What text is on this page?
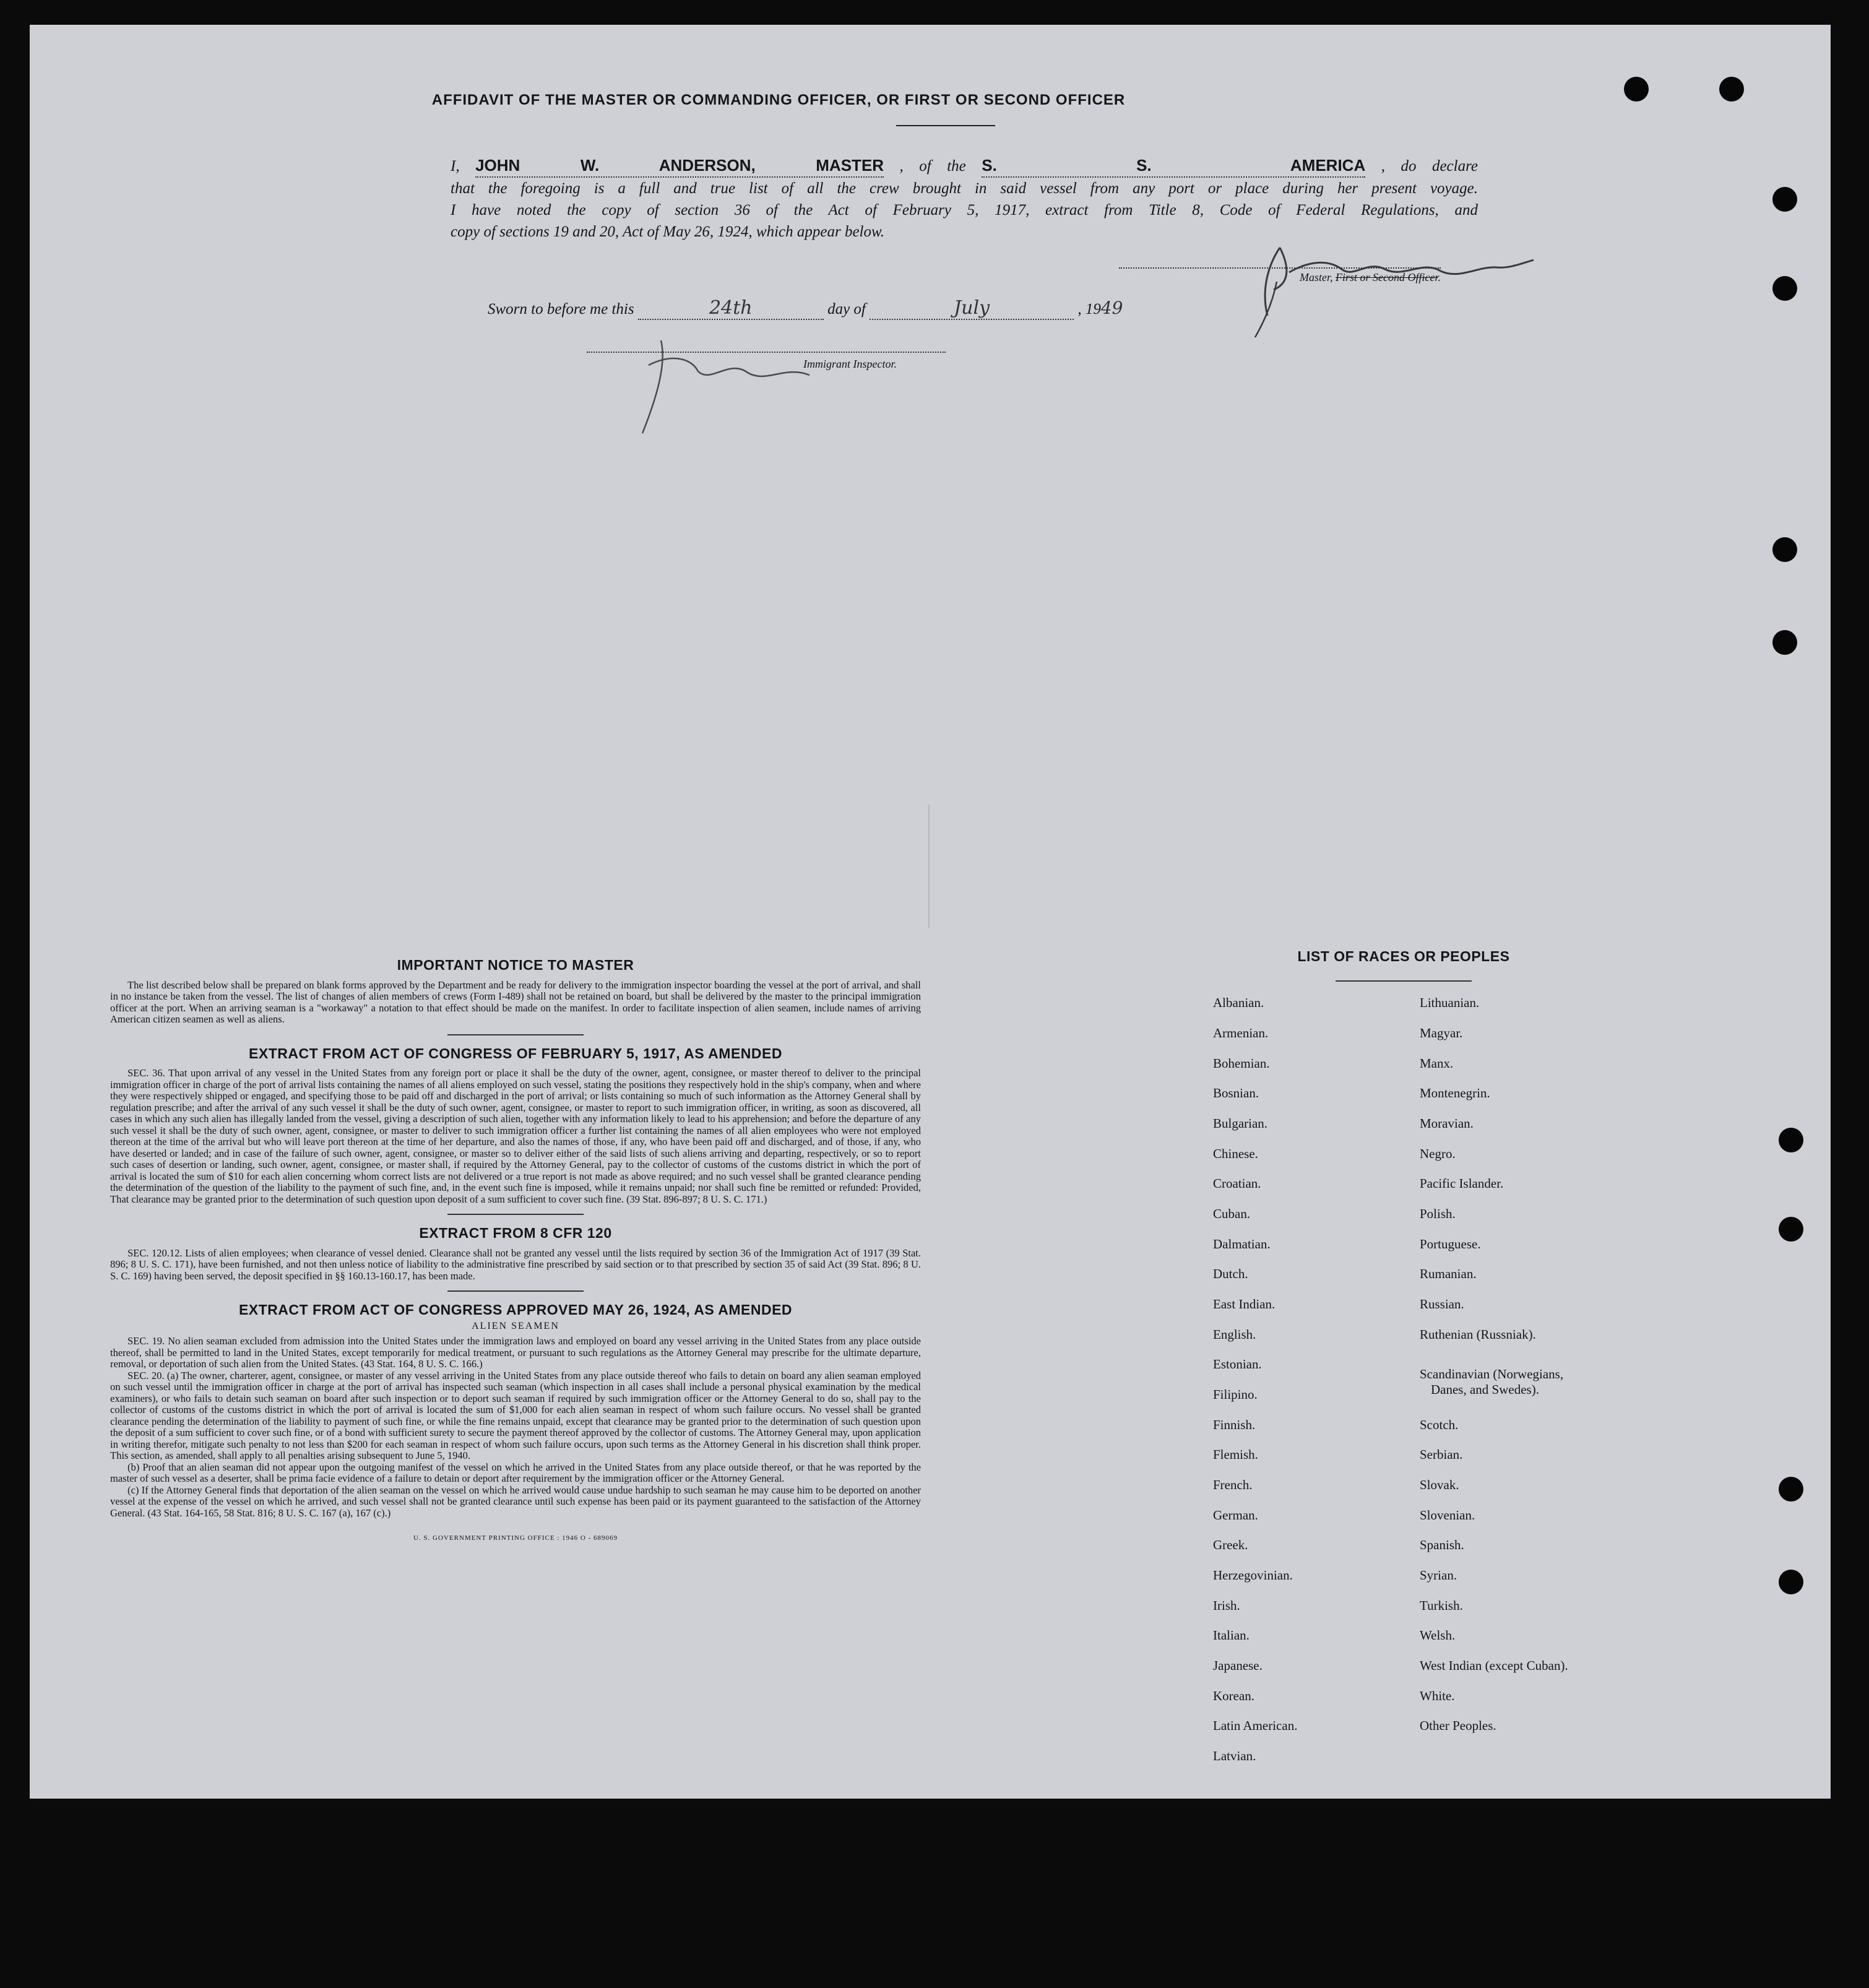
AFFIDAVIT OF THE MASTER OR COMMANDING OFFICER, OR FIRST OR SECOND OFFICER
I, JOHN W. ANDERSON, MASTER , of the S. S. AMERICA , do declare
that the foregoing is a full and true list of all the crew brought in said vessel from any port or place during her present voyage.
I have noted the copy of section 36 of the Act of February 5, 1917, extract from Title 8, Code of Federal Regulations, and
copy of sections 19 and 20, Act of May 26, 1924, which appear below.
Master, First or Second Officer.
Sworn to before me this	24th	day of	July	, 1949
Immigrant Inspector.

IMPORTANT NOTICE TO MASTER

The list described below shall be prepared on blank forms approved by the Department and be ready for delivery to the immigration inspector boarding the vessel at the port of arrival, and shall in no instance be taken from the vessel. The list of changes of alien members of crews (Form I-489) shall not be retained on board, but shall be delivered by the master to the principal immigration officer at the port. When an arriving seaman is a "workaway" a notation to that effect should be made on the manifest. In order to facilitate inspection of alien seamen, include names of arriving American citizen seamen as well as aliens.

EXTRACT FROM ACT OF CONGRESS OF FEBRUARY 5, 1917, AS AMENDED

SEC. 36. That upon arrival of any vessel in the United States from any foreign port or place it shall be the duty of the owner, agent, consignee, or master thereof to deliver to the principal immigration officer in charge of the port of arrival lists containing the names of all aliens employed on such vessel, stating the positions they respectively hold in the ship's company, when and where they were respectively shipped or engaged, and specifying those to be paid off and discharged in the port of arrival; or lists containing so much of such information as the Attorney General shall by regulation prescribe; and after the arrival of any such vessel it shall be the duty of such owner, agent, consignee, or master to report to such immigration officer, in writing, as soon as discovered, all cases in which any such alien has illegally landed from the vessel, giving a description of such alien, together with any information likely to lead to his apprehension; and before the departure of any such vessel it shall be the duty of such owner, agent, consignee, or master to deliver to such immigration officer a further list containing the names of all alien employees who were not employed thereon at the time of the arrival but who will leave port thereon at the time of her departure, and also the names of those, if any, who have been paid off and discharged, and of those, if any, who have deserted or landed; and in case of the failure of such owner, agent, consignee, or master so to deliver either of the said lists of such aliens arriving and departing, respectively, or so to report such cases of desertion or landing, such owner, agent, consignee, or master shall, if required by the Attorney General, pay to the collector of customs of the customs district in which the port of arrival is located the sum of $10 for each alien concerning whom correct lists are not delivered or a true report is not made as above required; and no such vessel shall be granted clearance pending the determination of the question of the liability to the payment of such fine, and, in the event such fine is imposed, while it remains unpaid; nor shall such fine be remitted or refunded: Provided, That clearance may be granted prior to the determination of such question upon deposit of a sum sufficient to cover such fine. (39 Stat. 896-897; 8 U. S. C. 171.)

EXTRACT FROM 8 CFR 120

SEC. 120.12. Lists of alien employees; when clearance of vessel denied. Clearance shall not be granted any vessel until the lists required by section 36 of the Immigration Act of 1917 (39 Stat. 896; 8 U. S. C. 171), have been furnished, and not then unless notice of liability to the administrative fine prescribed by said section or to that prescribed by section 35 of said Act (39 Stat. 896; 8 U. S. C. 169) having been served, the deposit specified in §§ 160.13-160.17, has been made.

EXTRACT FROM ACT OF CONGRESS APPROVED MAY 26, 1924, AS AMENDED

ALIEN SEAMEN

SEC. 19. No alien seaman excluded from admission into the United States under the immigration laws and employed on board any vessel arriving in the United States from any place outside thereof, shall be permitted to land in the United States, except temporarily for medical treatment, or pursuant to such regulations as the Attorney General may prescribe for the ultimate departure, removal, or deportation of such alien from the United States. (43 Stat. 164, 8 U. S. C. 166.)

SEC. 20. (a) The owner, charterer, agent, consignee, or master of any vessel arriving in the United States from any place outside thereof who fails to detain on board any alien seaman employed on such vessel until the immigration officer in charge at the port of arrival has inspected such seaman (which inspection in all cases shall include a personal physical examination by the medical examiners), or who fails to detain such seaman on board after such inspection or to deport such seaman if required by such immigration officer or the Attorney General to do so, shall pay to the collector of customs of the customs district in which the port of arrival is located the sum of $1,000 for each alien seaman in respect of whom such failure occurs. No vessel shall be granted clearance pending the determination of the liability to payment of such fine, or while the fine remains unpaid, except that clearance may be granted prior to the determination of such question upon the deposit of a sum sufficient to cover such fine, or of a bond with sufficient surety to secure the payment thereof approved by the collector of customs. The Attorney General may, upon application in writing therefor, mitigate such penalty to not less than $200 for each seaman in respect of whom such failure occurs, upon such terms as the Attorney General in his discretion shall think proper. This section, as amended, shall apply to all penalties arising subsequent to June 5, 1940.

(b) Proof that an alien seaman did not appear upon the outgoing manifest of the vessel on which he arrived in the United States from any place outside thereof, or that he was reported by the master of such vessel as a deserter, shall be prima facie evidence of a failure to detain or deport after requirement by the immigration officer or the Attorney General.

(c) If the Attorney General finds that deportation of the alien seaman on the vessel on which he arrived would cause undue hardship to such seaman he may cause him to be deported on another vessel at the expense of the vessel on which he arrived, and such vessel shall not be granted clearance until such expense has been paid or its payment guaranteed to the satisfaction of the Attorney General. (43 Stat. 164-165, 58 Stat. 816; 8 U. S. C. 167 (a), 167 (c).)

U. S. GOVERNMENT PRINTING OFFICE : 1946 O - 689069
LIST OF RACES OR PEOPLES
Albanian.
Armenian.
Bohemian.
Bosnian.
Bulgarian.
Chinese.
Croatian.
Cuban.
Dalmatian.
Dutch.
East Indian.
English.
Estonian.
Filipino.
Finnish.
Flemish.
French.
German.
Greek.
Herzegovinian.
Irish.
Italian.
Japanese.
Korean.
Latin American.
Latvian.
Lithuanian.
Magyar.
Manx.
Montenegrin.
Moravian.
Negro.
Pacific Islander.
Polish.
Portuguese.
Rumanian.
Russian.
Ruthenian (Russniak).
Scandinavian (Norwegians,
Danes, and Swedes).
Scotch.
Serbian.
Slovak.
Slovenian.
Spanish.
Syrian.
Turkish.
Welsh.
West Indian (except Cuban).
White.
Other Peoples.
